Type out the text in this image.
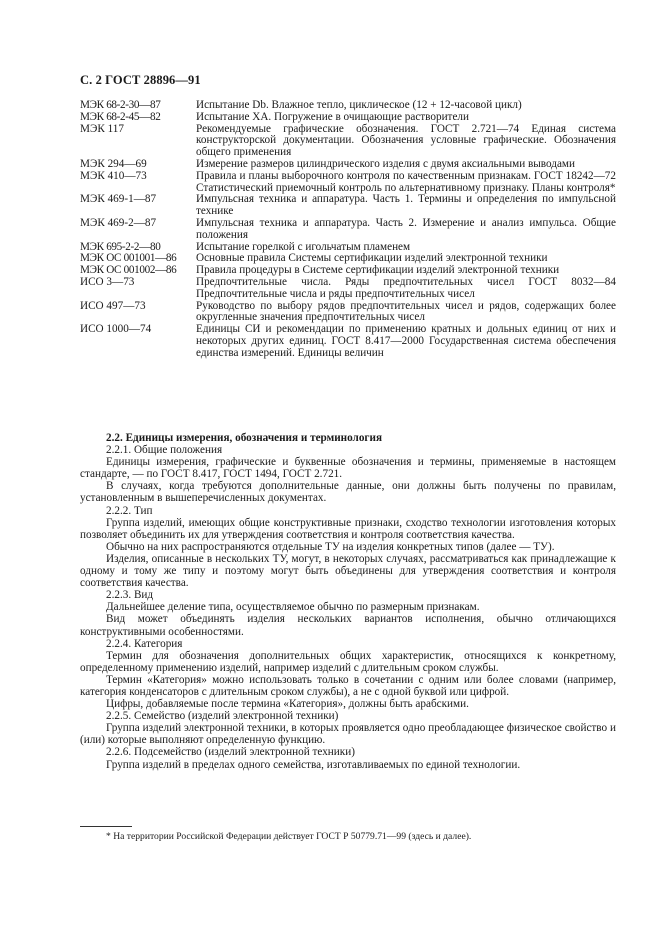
С. 2 ГОСТ 28896—91
МЭК 68-2-30—87	Испытание Db. Влажное тепло, циклическое (12 + 12-часовой цикл)
МЭК 68-2-45—82	Испытание XA. Погружение в очищающие растворители
МЭК 117	Рекомендуемые графические обозначения. ГОСТ 2.721—74 Единая система конструкторской документации. Обозначения условные графические. Обозначения общего применения
МЭК 294—69	Измерение размеров цилиндрического изделия с двумя аксиальными выводами
МЭК 410—73	Правила и планы выборочного контроля по качественным признакам. ГОСТ 18242—72 Статистический приемочный контроль по альтернативному признаку. Планы контроля*
МЭК 469-1—87	Импульсная техника и аппаратура. Часть 1. Термины и определения по импульсной технике
МЭК 469-2—87	Импульсная техника и аппаратура. Часть 2. Измерение и анализ импульса. Общие положения
МЭК 695-2-2—80	Испытание горелкой с игольчатым пламенем
МЭК ОС 001001—86	Основные правила Системы сертификации изделий электронной техники
МЭК ОС 001002—86	Правила процедуры в Системе сертификации изделий электронной техники
ИСО 3—73	Предпочтительные числа. Ряды предпочтительных чисел ГОСТ 8032—84 Предпочтительные числа и ряды предпочтительных чисел
ИСО 497—73	Руководство по выбору рядов предпочтительных чисел и рядов, содержащих более округленные значения предпочтительных чисел
ИСО 1000—74	Единицы СИ и рекомендации по применению кратных и дольных единиц от них и некоторых других единиц. ГОСТ 8.417—2000 Государственная система обеспечения единства измерений. Единицы величин
2.2. Единицы измерения, обозначения и терминология
2.2.1. Общие положения
Единицы измерения, графические и буквенные обозначения и термины, применяемые в настоящем стандарте, — по ГОСТ 8.417, ГОСТ 1494, ГОСТ 2.721.
В случаях, когда требуются дополнительные данные, они должны быть получены по правилам, установленным в вышеперечисленных документах.
2.2.2. Тип
Группа изделий, имеющих общие конструктивные признаки, сходство технологии изготовления которых позволяет объединить их для утверждения соответствия и контроля соответствия качества.
Обычно на них распространяются отдельные ТУ на изделия конкретных типов (далее — ТУ).
Изделия, описанные в нескольких ТУ, могут, в некоторых случаях, рассматриваться как принадлежащие к одному и тому же типу и поэтому могут быть объединены для утверждения соответствия и контроля соответствия качества.
2.2.3. Вид
Дальнейшее деление типа, осуществляемое обычно по размерным признакам.
Вид может объединять изделия нескольких вариантов исполнения, обычно отличающихся конструктивными особенностями.
2.2.4. Категория
Термин для обозначения дополнительных общих характеристик, относящихся к конкретному, определенному применению изделий, например изделий с длительным сроком службы.
Термин «Категория» можно использовать только в сочетании с одним или более словами (например, категория конденсаторов с длительным сроком службы), а не с одной буквой или цифрой.
Цифры, добавляемые после термина «Категория», должны быть арабскими.
2.2.5. Семейство (изделий электронной техники)
Группа изделий электронной техники, в которых проявляется одно преобладающее физическое свойство и (или) которые выполняют определенную функцию.
2.2.6. Подсемейство (изделий электронной техники)
Группа изделий в пределах одного семейства, изготавливаемых по единой технологии.
* На территории Российской Федерации действует ГОСТ Р 50779.71—99 (здесь и далее).
